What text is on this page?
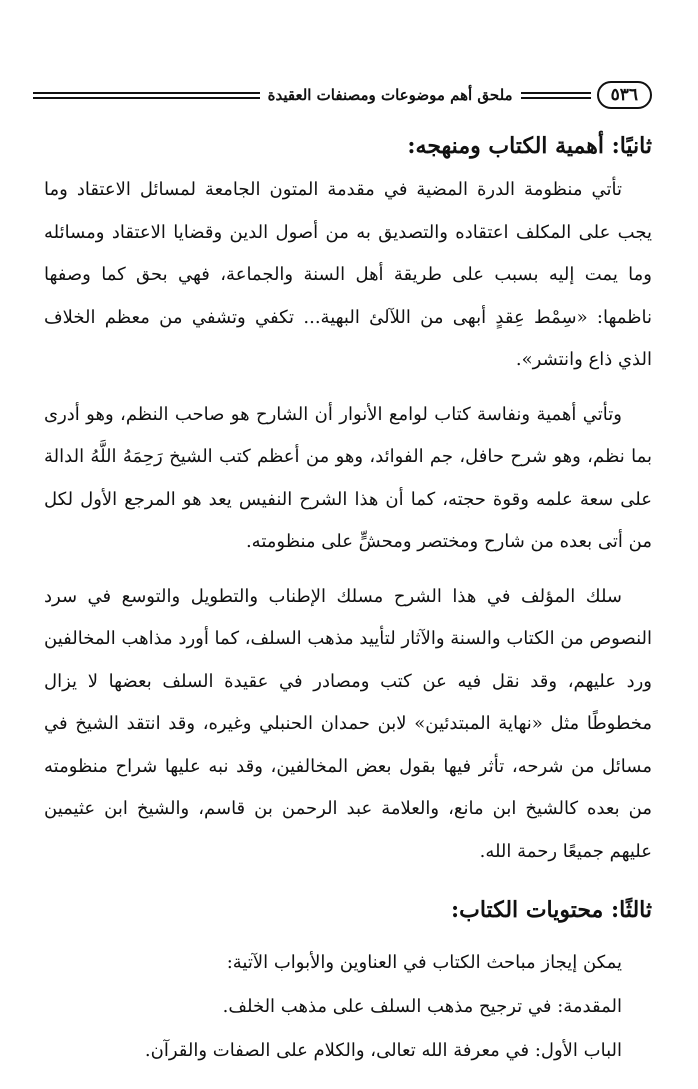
٥٣٦
ملحق أهم موضوعات ومصنفات العقيدة
ثانيًا: أهمية الكتاب ومنهجه:

تأتي منظومة الدرة المضية في مقدمة المتون الجامعة لمسائل الاعتقاد وما يجب على المكلف اعتقاده والتصديق به من أصول الدين وقضايا الاعتقاد ومسائله وما يمت إليه بسبب على طريقة أهل السنة والجماعة، فهي بحق كما وصفها ناظمها: «سِمْط عِقدٍ أبهى من اللآلئ البهية... تكفي وتشفي من معظم الخلاف الذي ذاع وانتشر».

وتأتي أهمية ونفاسة كتاب لوامع الأنوار أن الشارح هو صاحب النظم، وهو أدرى بما نظم، وهو شرح حافل، جم الفوائد، وهو من أعظم كتب الشيخ رَحِمَهُ اللَّهُ الدالة على سعة علمه وقوة حجته، كما أن هذا الشرح النفيس يعد هو المرجع الأول لكل من أتى بعده من شارح ومختصر ومحشٍّ على منظومته.

سلك المؤلف في هذا الشرح مسلك الإطناب والتطويل والتوسع في سرد النصوص من الكتاب والسنة والآثار لتأييد مذهب السلف، كما أورد مذاهب المخالفين ورد عليهم، وقد نقل فيه عن كتب ومصادر في عقيدة السلف بعضها لا يزال مخطوطًا مثل «نهاية المبتدئين» لابن حمدان الحنبلي وغيره، وقد انتقد الشيخ في مسائل من شرحه، تأثر فيها بقول بعض المخالفين، وقد نبه عليها شراح منظومته من بعده كالشيخ ابن مانع، والعلامة عبد الرحمن بن قاسم، والشيخ ابن عثيمين عليهم جميعًا رحمة الله.

ثالثًا: محتويات الكتاب:
يمكن إيجاز مباحث الكتاب في العناوين والأبواب الآتية:
المقدمة: في ترجيح مذهب السلف على مذهب الخلف.
الباب الأول: في معرفة الله تعالى، والكلام على الصفات والقرآن.
